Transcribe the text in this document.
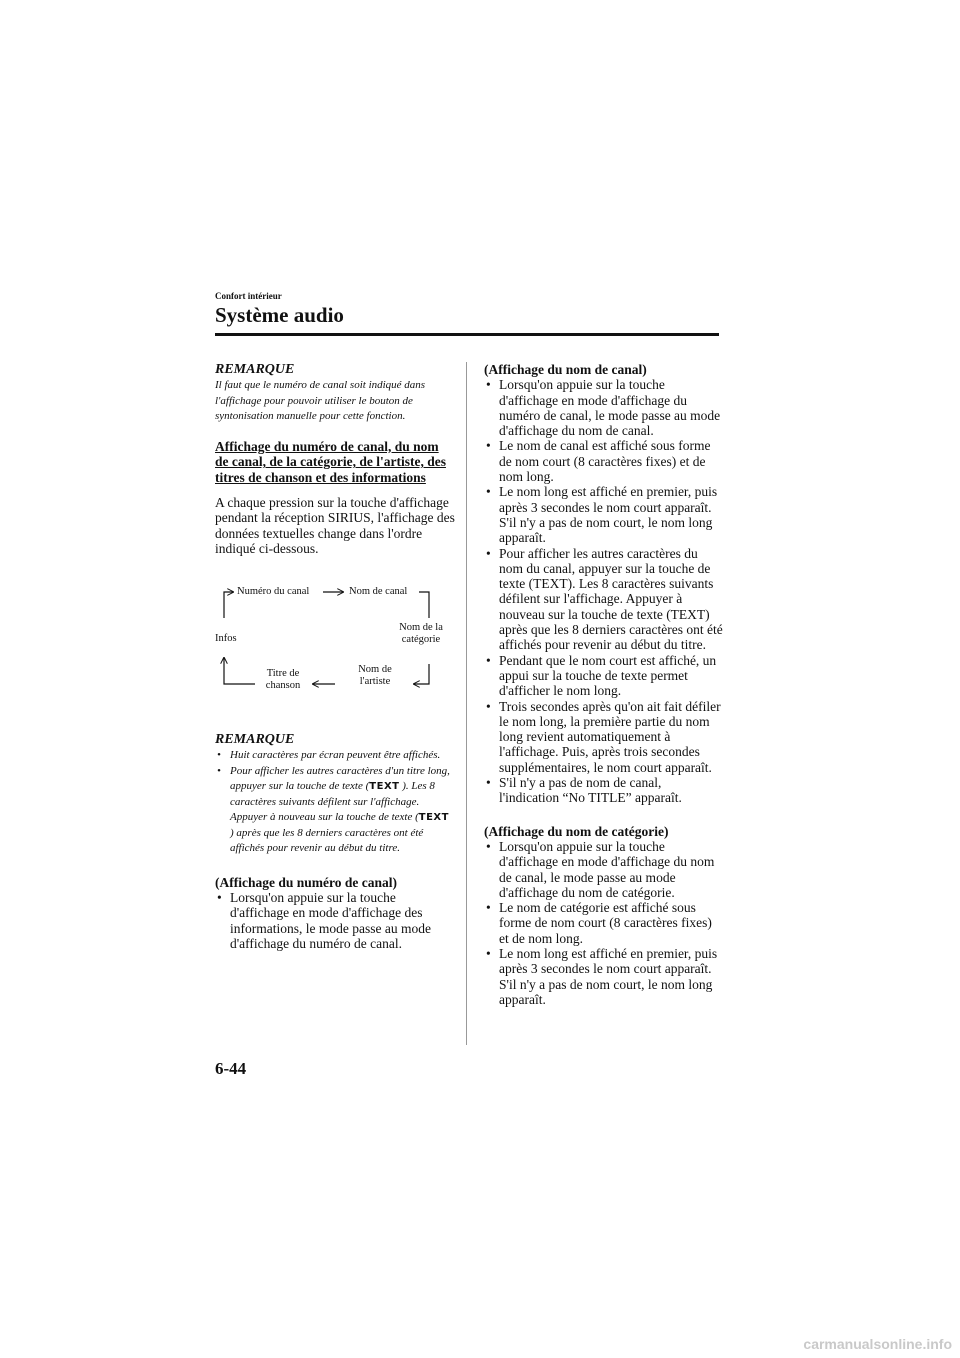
Confort intérieur
Système audio
REMARQUE
Il faut que le numéro de canal soit indiqué dans l'affichage pour pouvoir utiliser le bouton de syntonisation manuelle pour cette fonction.
Affichage du numéro de canal, du nom de canal, de la catégorie, de l'artiste, des titres de chanson et des informations
A chaque pression sur la touche d'affichage pendant la réception SIRIUS, l'affichage des données textuelles change dans l'ordre indiqué ci-dessous.
Numéro du canal	Nom de canal
Nom de la catégorie
Nom de l'artiste
Titre de chanson
Infos
REMARQUE
• Huit caractères par écran peuvent être affichés.
• Pour afficher les autres caractères d'un titre long, appuyer sur la touche de texte (TEXT ). Les 8 caractères suivants défilent sur l'affichage. Appuyer à nouveau sur la touche de texte (TEXT ) après que les 8 derniers caractères ont été affichés pour revenir au début du titre.
(Affichage du numéro de canal)
• Lorsqu'on appuie sur la touche d'affichage en mode d'affichage des informations, le mode passe au mode d'affichage du numéro de canal.
(Affichage du nom de canal)
• Lorsqu'on appuie sur la touche d'affichage en mode d'affichage du numéro de canal, le mode passe au mode d'affichage du nom de canal.
• Le nom de canal est affiché sous forme de nom court (8 caractères fixes) et de nom long.
• Le nom long est affiché en premier, puis après 3 secondes le nom court apparaît. S'il n'y a pas de nom court, le nom long apparaît.
• Pour afficher les autres caractères du nom du canal, appuyer sur la touche de texte (TEXT). Les 8 caractères suivants défilent sur l'affichage. Appuyer à nouveau sur la touche de texte (TEXT) après que les 8 derniers caractères ont été affichés pour revenir au début du titre.
• Pendant que le nom court est affiché, un appui sur la touche de texte permet d'afficher le nom long.
• Trois secondes après qu'on ait fait défiler le nom long, la première partie du nom long revient automatiquement à l'affichage. Puis, après trois secondes supplémentaires, le nom court apparaît.
• S'il n'y a pas de nom de canal, l'indication “No TITLE” apparaît.
(Affichage du nom de catégorie)
• Lorsqu'on appuie sur la touche d'affichage en mode d'affichage du nom de canal, le mode passe au mode d'affichage du nom de catégorie.
• Le nom de catégorie est affiché sous forme de nom court (8 caractères fixes) et de nom long.
• Le nom long est affiché en premier, puis après 3 secondes le nom court apparaît. S'il n'y a pas de nom court, le nom long apparaît.
6-44
carmanualsonline.info
